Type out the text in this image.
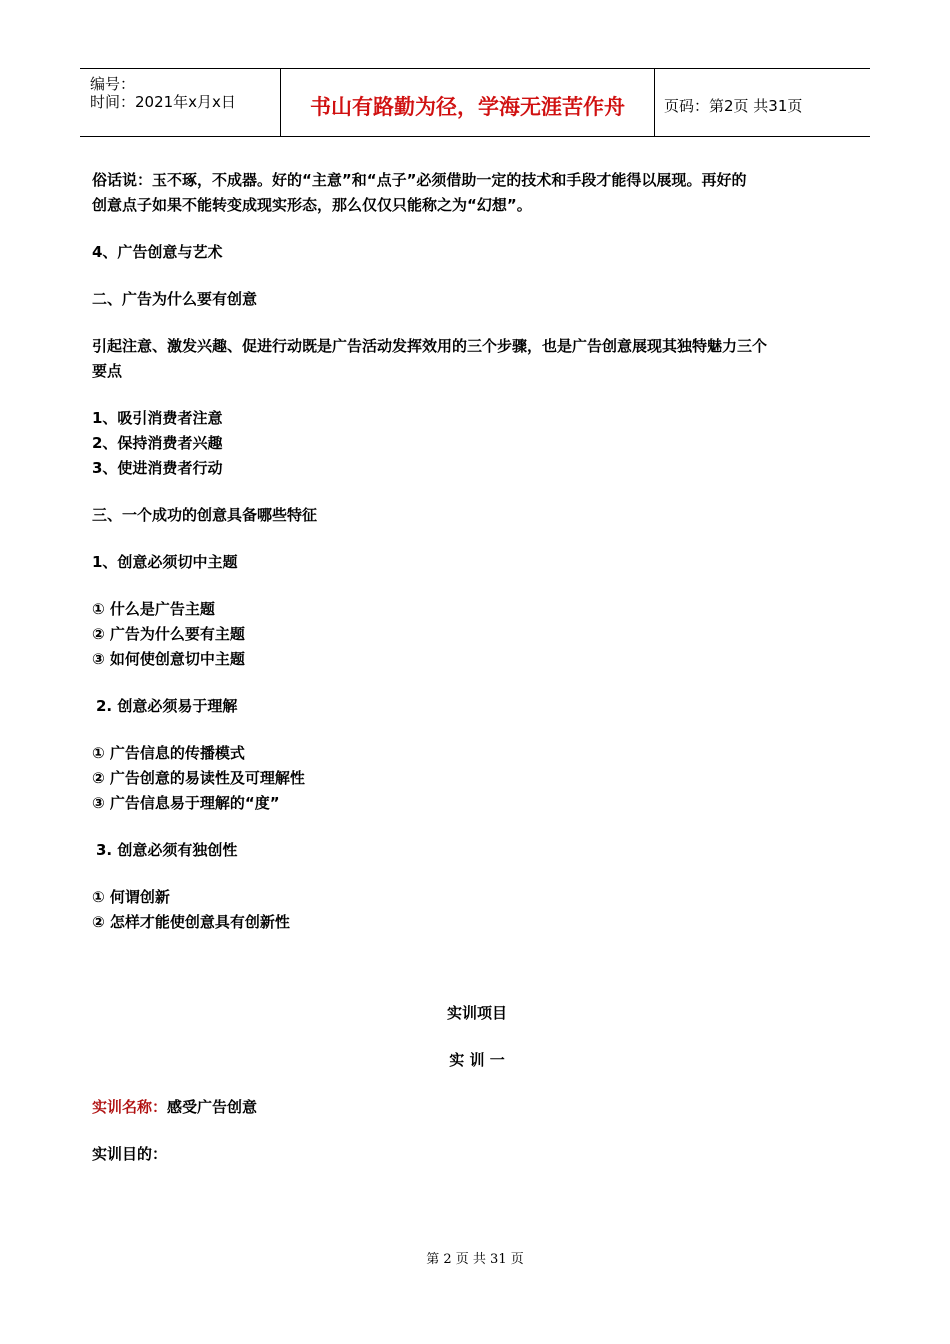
编号：
时间：2021年x月x日	书山有路勤为径，学海无涯苦作舟	页码：第2页 共31页
俗话说：玉不琢，不成器。好的“主意”和“点子”必须借助一定的技术和手段才能得以展现。再好的
创意点子如果不能转变成现实形态，那么仅仅只能称之为“幻想”。
4、广告创意与艺术
二、广告为什么要有创意
引起注意、激发兴趣、促进行动既是广告活动发挥效用的三个步骤，也是广告创意展现其独特魅力三个
要点
1、吸引消费者注意
2、保持消费者兴趣
3、使进消费者行动
三、一个成功的创意具备哪些特征
1、创意必须切中主题
① 什么是广告主题
② 广告为什么要有主题
③ 如何使创意切中主题
2. 创意必须易于理解
① 广告信息的传播模式
② 广告创意的易读性及可理解性
③ 广告信息易于理解的“度”
3. 创意必须有独创性
① 何谓创新
② 怎样才能使创意具有创新性
实训项目
实 训 一
实训名称：感受广告创意
实训目的：
第 2 页 共 31 页
